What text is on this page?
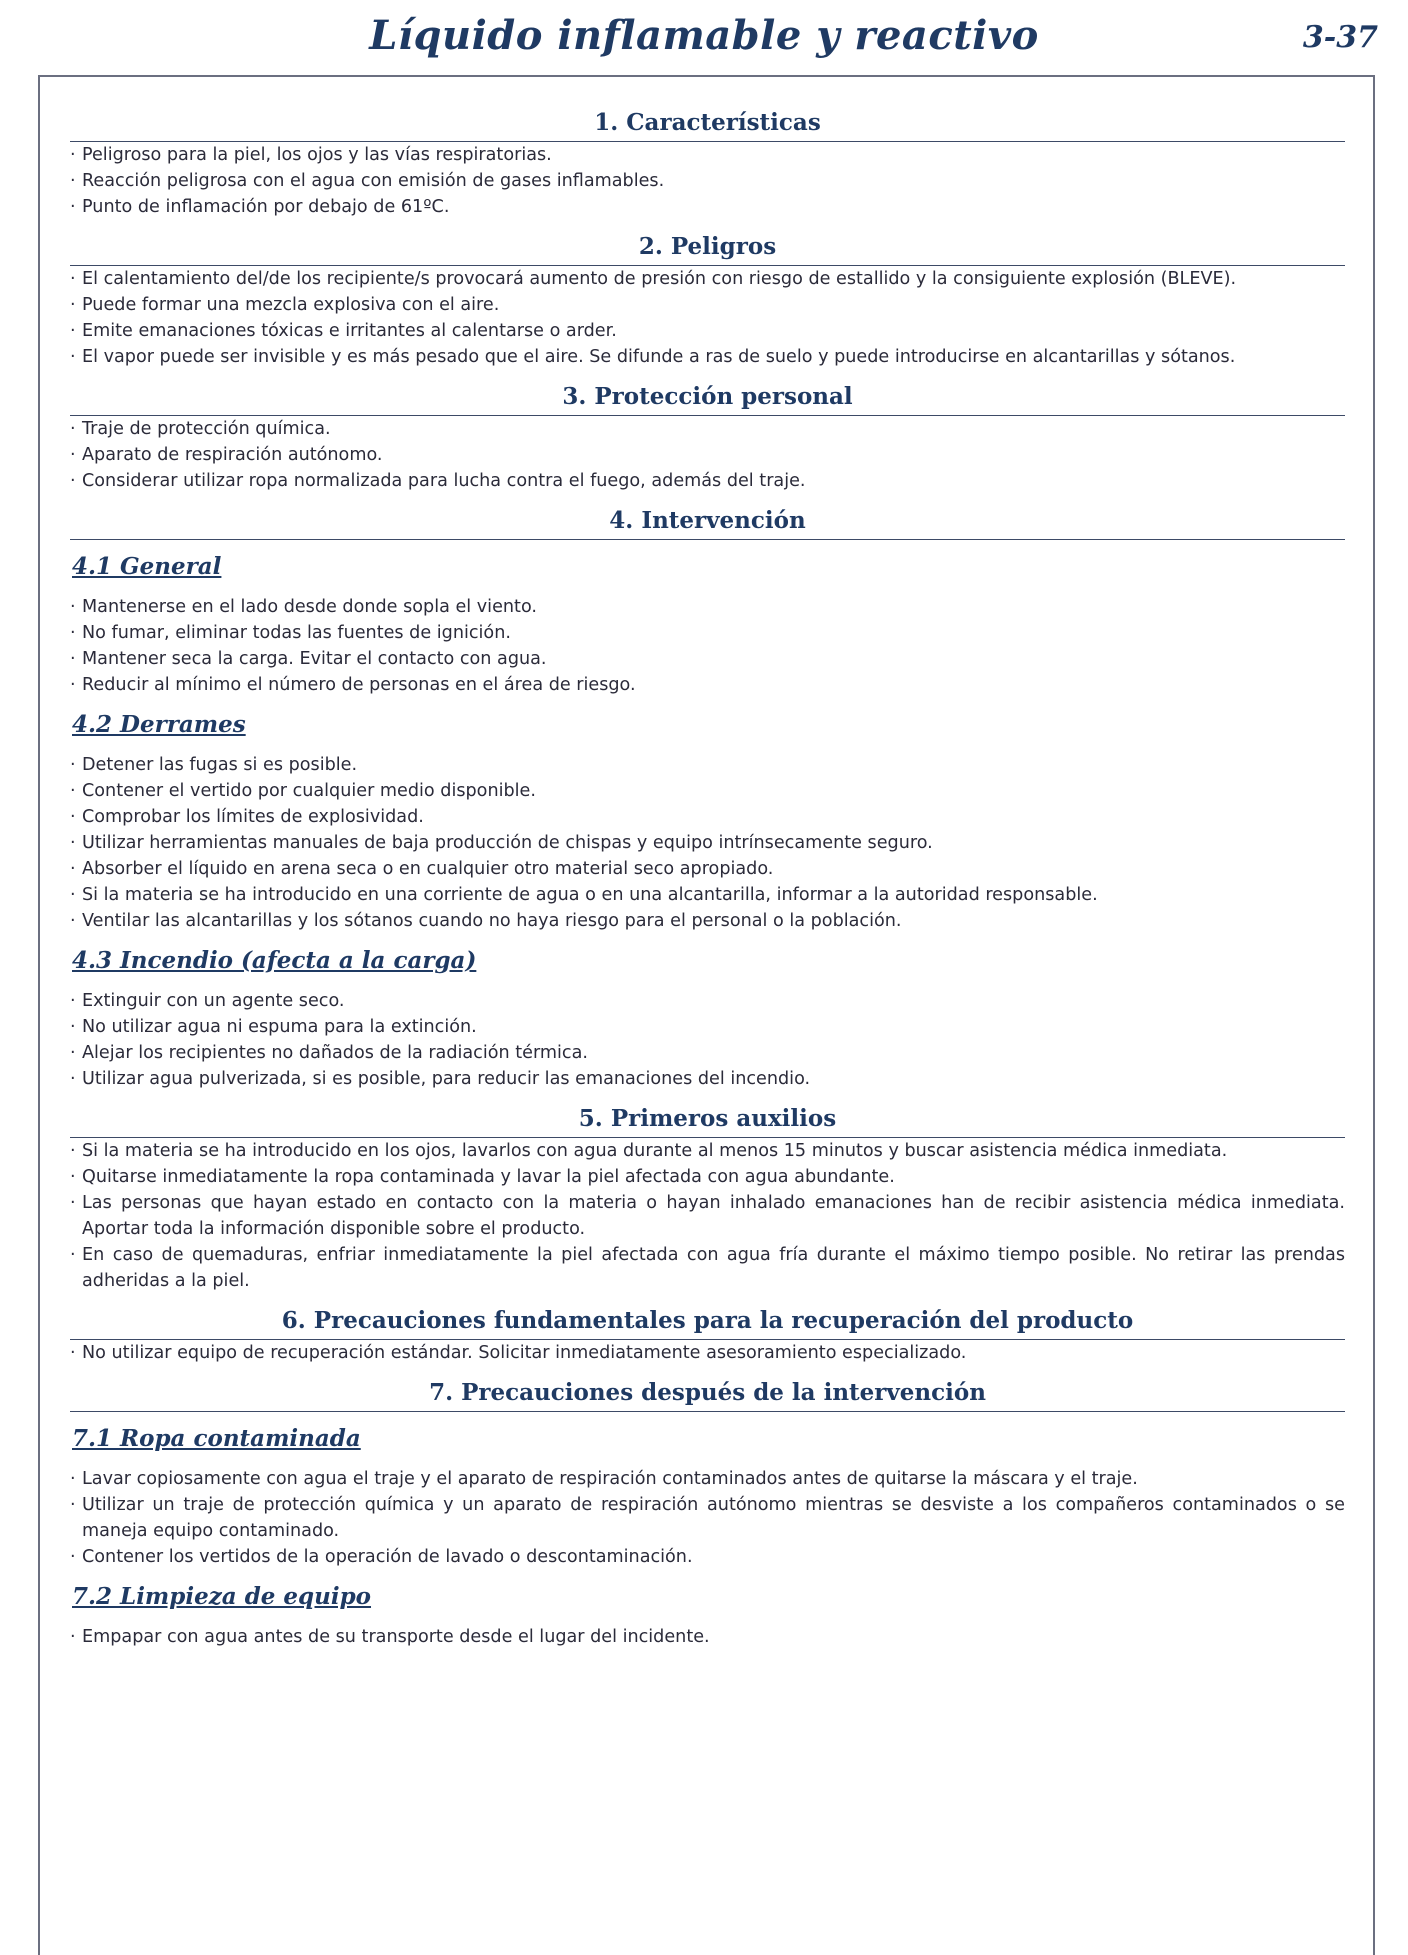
Líquido inflamable y reactivo	3-37
1. Características
· Peligroso para la piel, los ojos y las vías respiratorias.
· Reacción peligrosa con el agua con emisión de gases inflamables.
· Punto de inflamación por debajo de 61ºC.
2. Peligros
· El calentamiento del/de los recipiente/s provocará aumento de presión con riesgo de estallido y la consiguiente explosión (BLEVE).
· Puede formar una mezcla explosiva con el aire.
· Emite emanaciones tóxicas e irritantes al calentarse o arder.
· El vapor puede ser invisible y es más pesado que el aire. Se difunde a ras de suelo y puede introducirse en alcantarillas y sótanos.
3. Protección personal
· Traje de protección química.
· Aparato de respiración autónomo.
· Considerar utilizar ropa normalizada para lucha contra el fuego, además del traje.
4. Intervención
4.1 General
· Mantenerse en el lado desde donde sopla el viento.
· No fumar, eliminar todas las fuentes de ignición.
· Mantener seca la carga. Evitar el contacto con agua.
· Reducir al mínimo el número de personas en el área de riesgo.
4.2 Derrames
· Detener las fugas si es posible.
· Contener el vertido por cualquier medio disponible.
· Comprobar los límites de explosividad.
· Utilizar herramientas manuales de baja producción de chispas y equipo intrínsecamente seguro.
· Absorber el líquido en arena seca o en cualquier otro material seco apropiado.
· Si la materia se ha introducido en una corriente de agua o en una alcantarilla, informar a la autoridad responsable.
· Ventilar las alcantarillas y los sótanos cuando no haya riesgo para el personal o la población.
4.3 Incendio (afecta a la carga)
· Extinguir con un agente seco.
· No utilizar agua ni espuma para la extinción.
· Alejar los recipientes no dañados de la radiación térmica.
· Utilizar agua pulverizada, si es posible, para reducir las emanaciones del incendio.
5. Primeros auxilios
· Si la materia se ha introducido en los ojos, lavarlos con agua durante al menos 15 minutos y buscar asistencia médica inmediata.
· Quitarse inmediatamente la ropa contaminada y lavar la piel afectada con agua abundante.
· Las personas que hayan estado en contacto con la materia o hayan inhalado emanaciones han de recibir asistencia médica inmediata. Aportar toda la información disponible sobre el producto.
· En caso de quemaduras, enfriar inmediatamente la piel afectada con agua fría durante el máximo tiempo posible. No retirar las prendas adheridas a la piel.
6. Precauciones fundamentales para la recuperación del producto
· No utilizar equipo de recuperación estándar. Solicitar inmediatamente asesoramiento especializado.
7. Precauciones después de la intervención
7.1 Ropa contaminada
· Lavar copiosamente con agua el traje y el aparato de respiración contaminados antes de quitarse la máscara y el traje.
· Utilizar un traje de protección química y un aparato de respiración autónomo mientras se desviste a los compañeros contaminados o se maneja equipo contaminado.
· Contener los vertidos de la operación de lavado o descontaminación.
7.2 Limpieza de equipo
· Empapar con agua antes de su transporte desde el lugar del incidente.
